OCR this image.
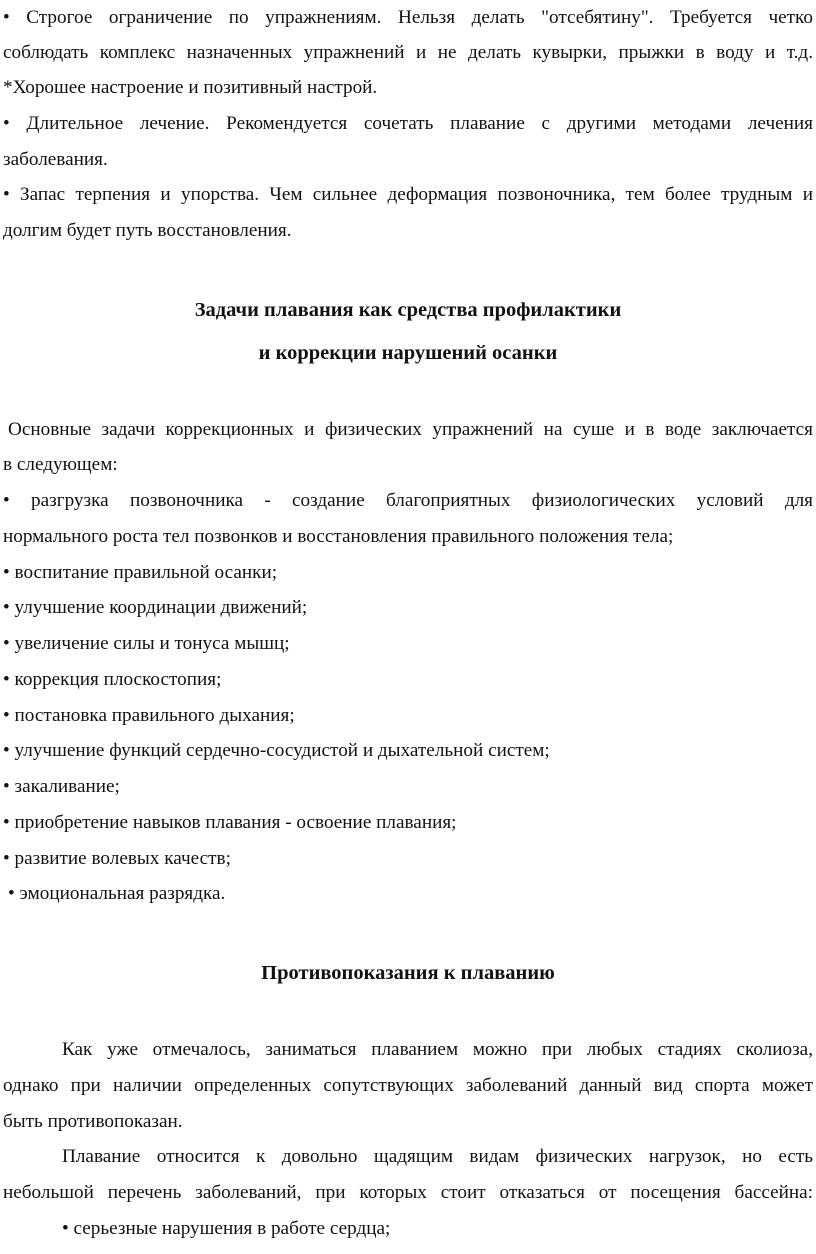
• Строгое ограничение по упражнениям. Нельзя делать "отсебятину". Требуется четко
соблюдать комплекс назначенных упражнений и не делать кувырки, прыжки в воду и т.д.
*Хорошее настроение и позитивный настрой.
• Длительное лечение. Рекомендуется сочетать плавание с другими методами лечения
заболевания.
• Запас терпения и упорства. Чем сильнее деформация позвоночника, тем более трудным и
долгим будет путь восстановления.
Задачи плавания как средства профилактики
и коррекции нарушений осанки
Основные задачи коррекционных и физических упражнений на суше и в воде заключается
в следующем:
• разгрузка позвоночника - создание благоприятных физиологических условий для
нормального роста тел позвонков и восстановления правильного положения тела;
• воспитание правильной осанки;
• улучшение координации движений;
• увеличение силы и тонуса мышц;
• коррекция плоскостопия;
• постановка правильного дыхания;
• улучшение функций сердечно-сосудистой и дыхательной систем;
• закаливание;
• приобретение навыков плавания - освоение плавания;
• развитие волевых качеств;
• эмоциональная разрядка.
Противопоказания к плаванию
Как уже отмечалось, заниматься плаванием можно при любых стадиях сколиоза,
однако при наличии определенных сопутствующих заболеваний данный вид спорта может
быть противопоказан.
Плавание относится к довольно щадящим видам физических нагрузок, но есть
небольшой перечень заболеваний, при которых стоит отказаться от посещения бассейна:
• серьезные нарушения в работе сердца;
